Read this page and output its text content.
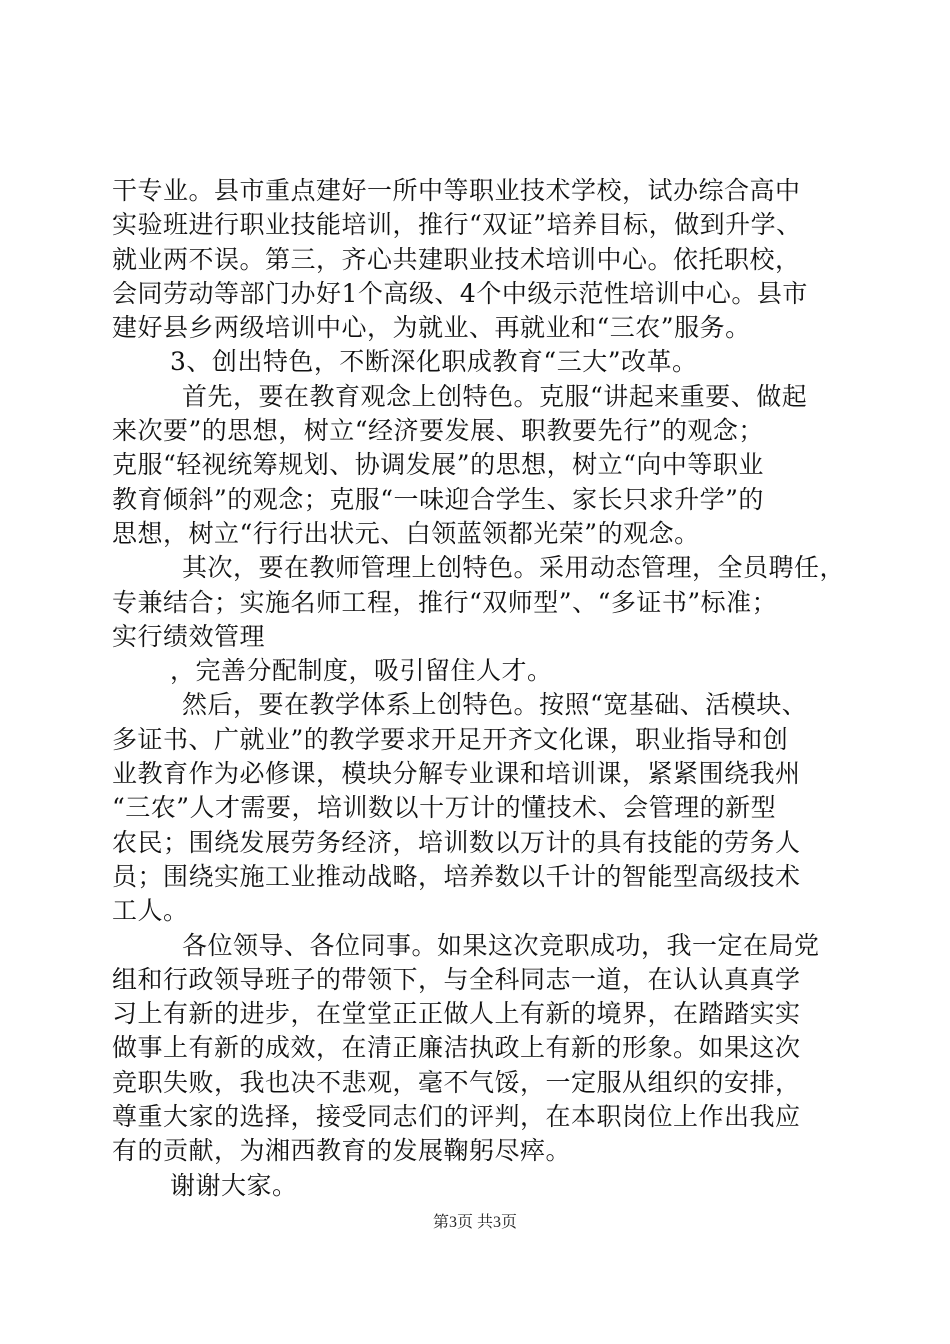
干专业。县市重点建好一所中等职业技术学校，试办综合高中
实验班进行职业技能培训，推行“双证”培养目标，做到升学、
就业两不误。第三，齐心共建职业技术培训中心。依托职校，
会同劳动等部门办好1个高级、4个中级示范性培训中心。县市
建好县乡两级培训中心，为就业、再就业和“三农”服务。
3、创出特色，不断深化职成教育“三大”改革。
首先，要在教育观念上创特色。克服“讲起来重要、做起
来次要”的思想，树立“经济要发展、职教要先行”的观念；
克服“轻视统筹规划、协调发展”的思想，树立“向中等职业
教育倾斜”的观念；克服“一味迎合学生、家长只求升学”的
思想，树立“行行出状元、白领蓝领都光荣”的观念。
其次，要在教师管理上创特色。采用动态管理，全员聘任，
专兼结合；实施名师工程，推行“双师型”、“多证书”标准；
实行绩效管理
，完善分配制度，吸引留住人才。
然后，要在教学体系上创特色。按照“宽基础、活模块、
多证书、广就业”的教学要求开足开齐文化课，职业指导和创
业教育作为必修课，模块分解专业课和培训课，紧紧围绕我州
“三农”人才需要，培训数以十万计的懂技术、会管理的新型
农民；围绕发展劳务经济，培训数以万计的具有技能的劳务人
员；围绕实施工业推动战略，培养数以千计的智能型高级技术
工人。
各位领导、各位同事。如果这次竞职成功，我一定在局党
组和行政领导班子的带领下，与全科同志一道，在认认真真学
习上有新的进步，在堂堂正正做人上有新的境界，在踏踏实实
做事上有新的成效，在清正廉洁执政上有新的形象。如果这次
竞职失败，我也决不悲观，毫不气馁，一定服从组织的安排，
尊重大家的选择，接受同志们的评判，在本职岗位上作出我应
有的贡献，为湘西教育的发展鞠躬尽瘁。
谢谢大家。
第3页 共3页
